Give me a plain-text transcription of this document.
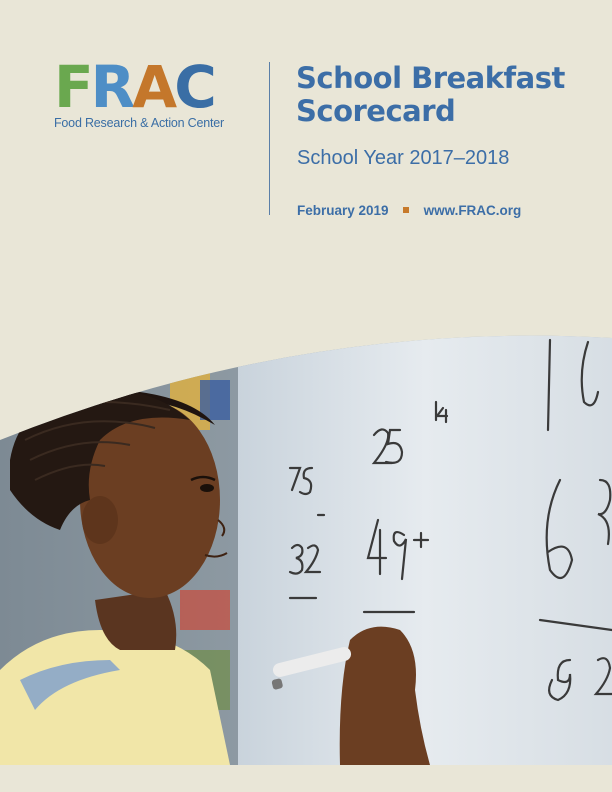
FRAC
Food Research & Action Center
School Breakfast
Scorecard
School Year 2017–2018
February 2019	www.FRAC.org
